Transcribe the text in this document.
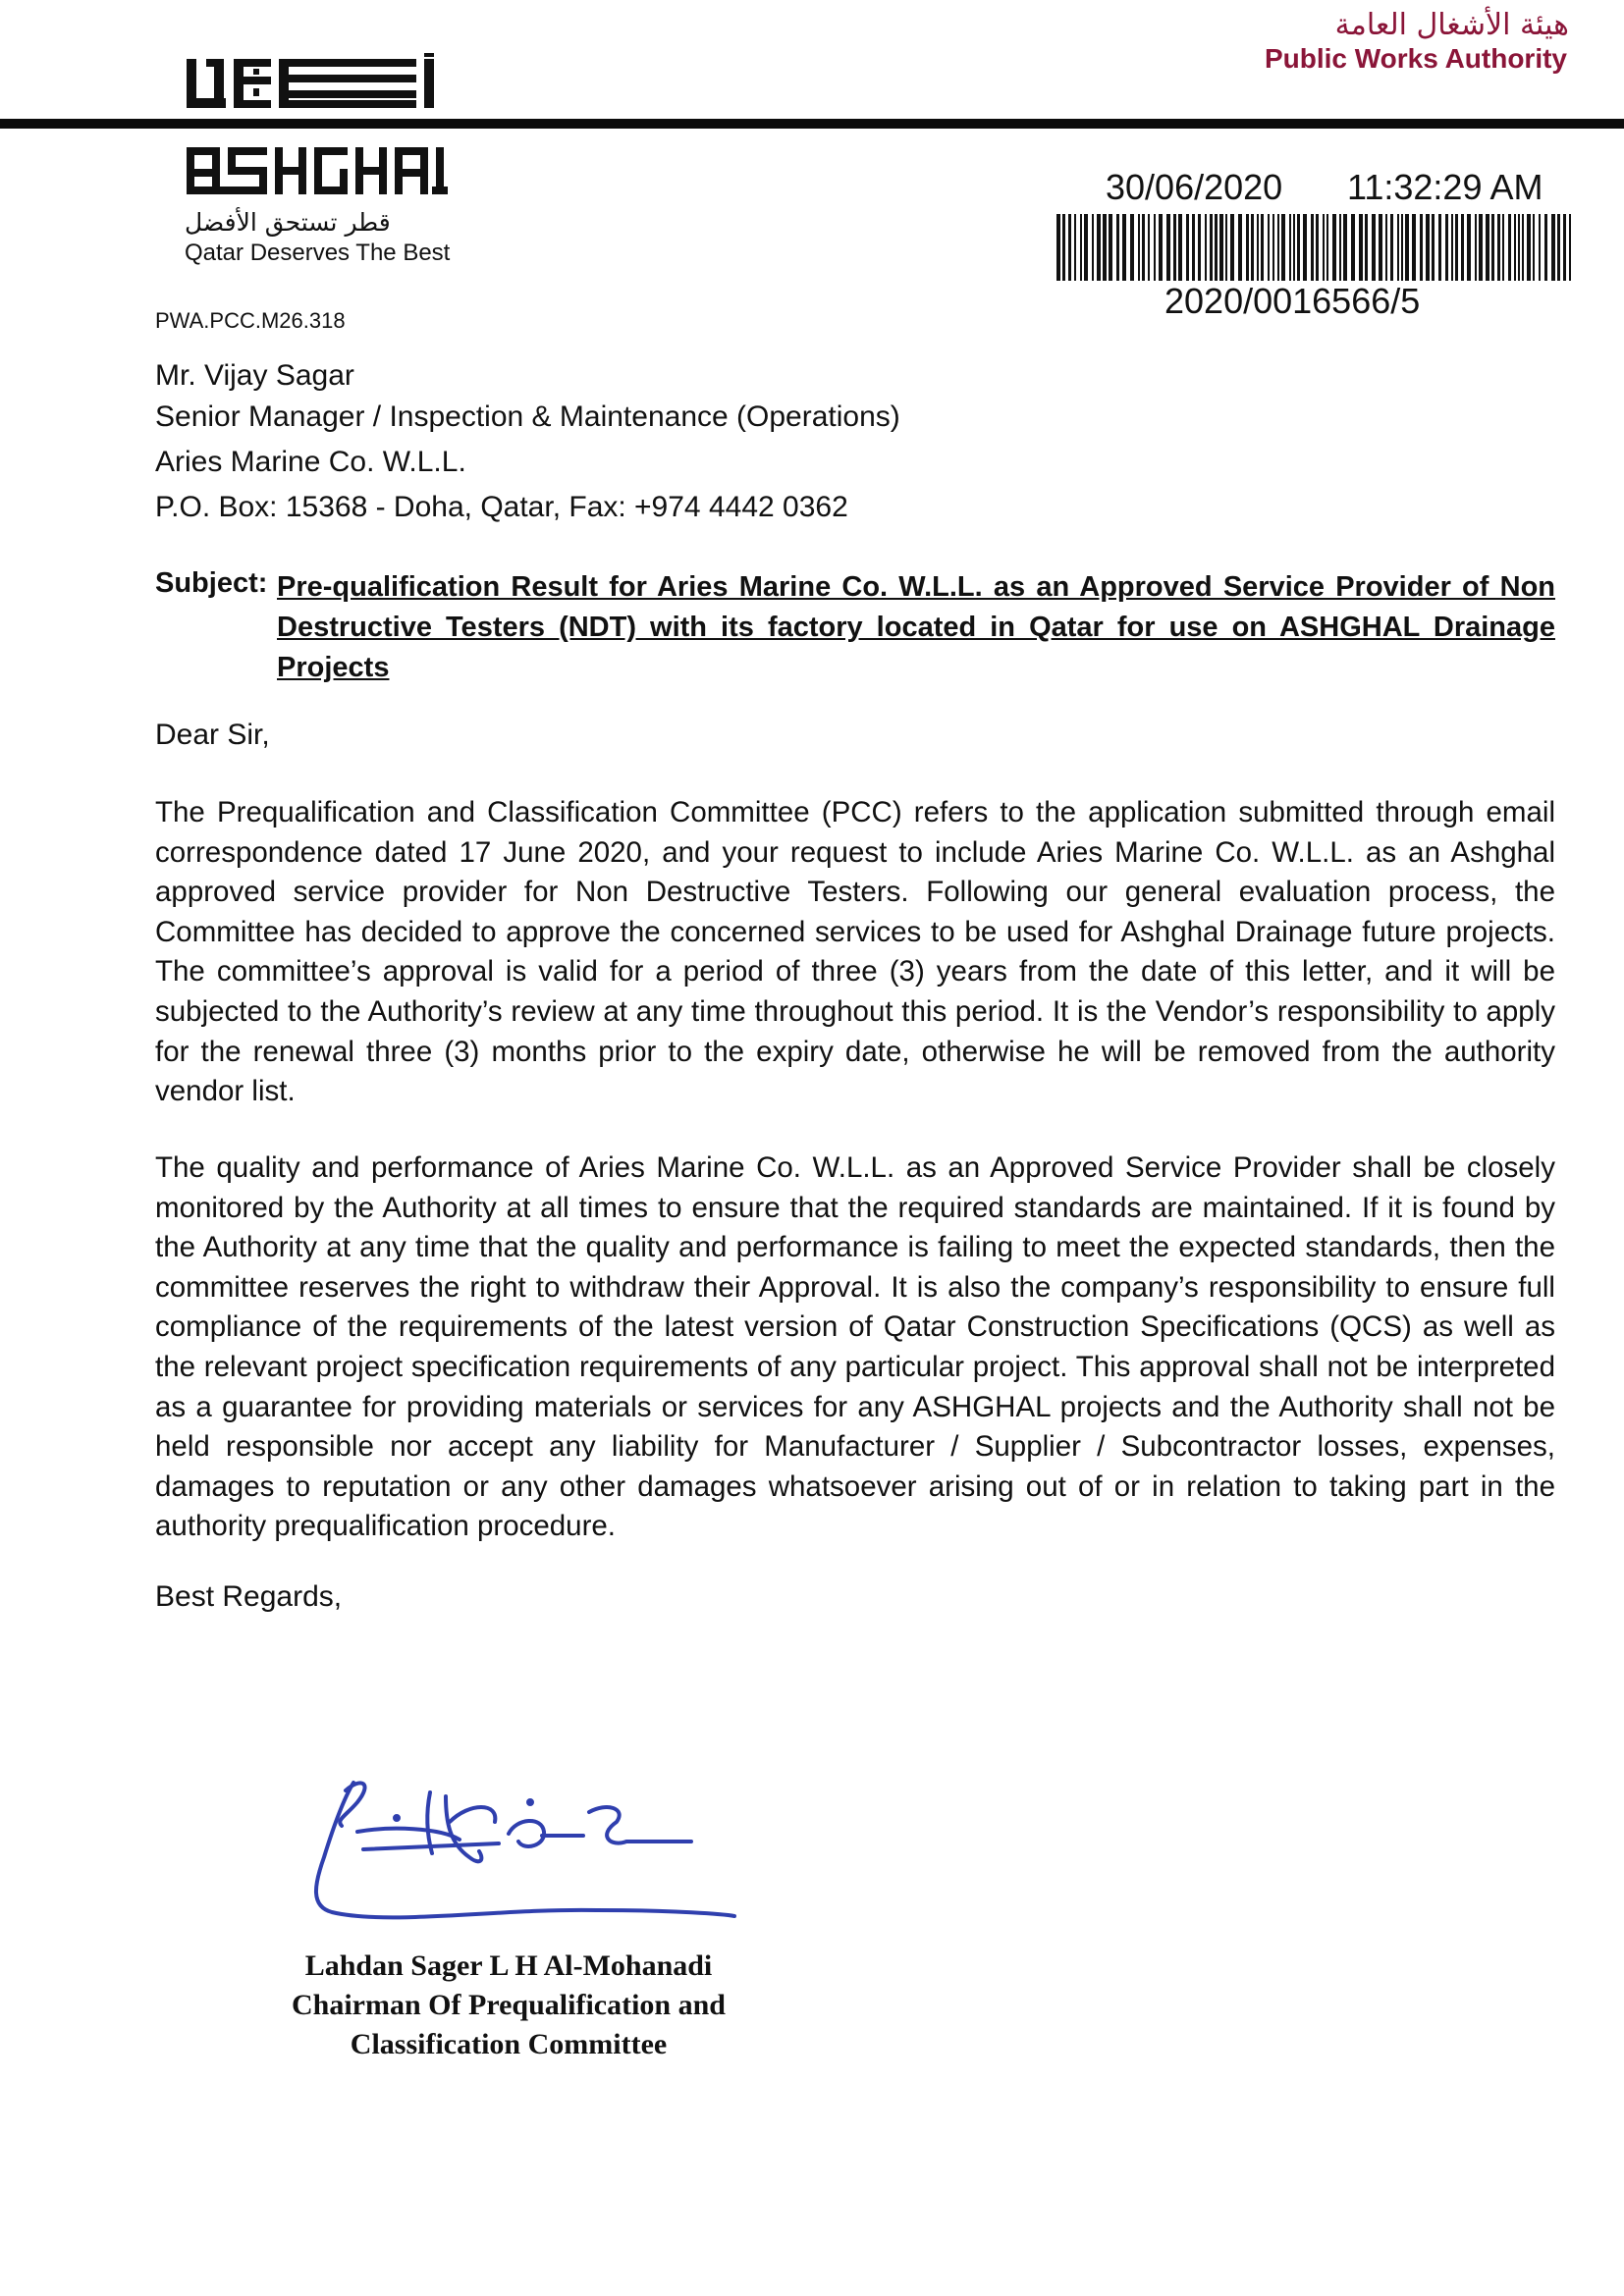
هيئة الأشغال العامة
Public Works Authority
قطر تستحق الأفضل
Qatar Deserves The Best
30/06/2020 11:32:29 AM
2020/0016566/5
PWA.PCC.M26.318
Mr. Vijay Sagar
Senior Manager / Inspection & Maintenance (Operations)
Aries Marine Co. W.L.L.
P.O. Box: 15368 - Doha, Qatar, Fax: +974 4442 0362
Subject: Pre-qualification Result for Aries Marine Co. W.L.L. as an Approved Service Provider of Non Destructive Testers (NDT) with its factory located in Qatar for use on ASHGHAL Drainage Projects
Dear Sir,
The Prequalification and Classification Committee (PCC) refers to the application submitted through email correspondence dated 17 June 2020, and your request to include Aries Marine Co. W.L.L. as an Ashghal approved service provider for Non Destructive Testers. Following our general evaluation process, the Committee has decided to approve the concerned services to be used for Ashghal Drainage future projects. The committee’s approval is valid for a period of three (3) years from the date of this letter, and it will be subjected to the Authority’s review at any time throughout this period. It is the Vendor’s responsibility to apply for the renewal three (3) months prior to the expiry date, otherwise he will be removed from the authority vendor list.
The quality and performance of Aries Marine Co. W.L.L. as an Approved Service Provider shall be closely monitored by the Authority at all times to ensure that the required standards are maintained. If it is found by the Authority at any time that the quality and performance is failing to meet the expected standards, then the committee reserves the right to withdraw their Approval. It is also the company’s responsibility to ensure full compliance of the requirements of the latest version of Qatar Construction Specifications (QCS) as well as the relevant project specification requirements of any particular project. This approval shall not be interpreted as a guarantee for providing materials or services for any ASHGHAL projects and the Authority shall not be held responsible nor accept any liability for Manufacturer / Supplier / Subcontractor losses, expenses, damages to reputation or any other damages whatsoever arising out of or in relation to taking part in the authority prequalification procedure.
Best Regards,
Lahdan Sager L H Al-Mohanadi
Chairman Of Prequalification and
Classification Committee
